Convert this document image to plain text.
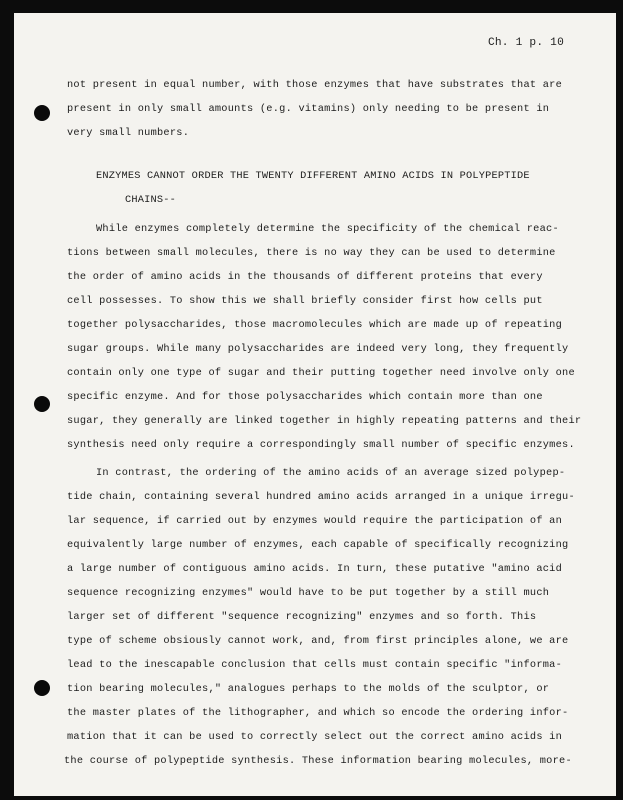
Ch. 1 p. 10
not present in equal number, with those enzymes that have substrates that are
present in only small amounts (e.g. vitamins) only needing to be present in
very small numbers.
ENZYMES CANNOT ORDER THE TWENTY DIFFERENT AMINO ACIDS IN POLYPEPTIDE
CHAINS--
While enzymes completely determine the specificity of the chemical reac-
tions between small molecules, there is no way they can be used to determine
the order of amino acids in the thousands of different proteins that every
cell possesses. To show this we shall briefly consider first how cells put
together polysaccharides, those macromolecules which are made up of repeating
sugar groups. While many polysaccharides are indeed very long, they frequently
contain only one type of sugar and their putting together need involve only one
specific enzyme. And for those polysaccharides which contain more than one
sugar, they generally are linked together in highly repeating patterns and their
synthesis need only require a correspondingly small number of specific enzymes.
In contrast, the ordering of the amino acids of an average sized polypep-
tide chain, containing several hundred amino acids arranged in a unique irregu-
lar sequence, if carried out by enzymes would require the participation of an
equivalently large number of enzymes, each capable of specifically recognizing
a large number of contiguous amino acids. In turn, these putative "amino acid
sequence recognizing enzymes" would have to be put together by a still much
larger set of different "sequence recognizing" enzymes and so forth. This
type of scheme obsiously cannot work, and, from first principles alone, we are
lead to the inescapable conclusion that cells must contain specific "informa-
tion bearing molecules," analogues perhaps to the molds of the sculptor, or
the master plates of the lithographer, and which so encode the ordering infor-
mation that it can be used to correctly select out the correct amino acids in
the course of polypeptide synthesis. These information bearing molecules, more-
